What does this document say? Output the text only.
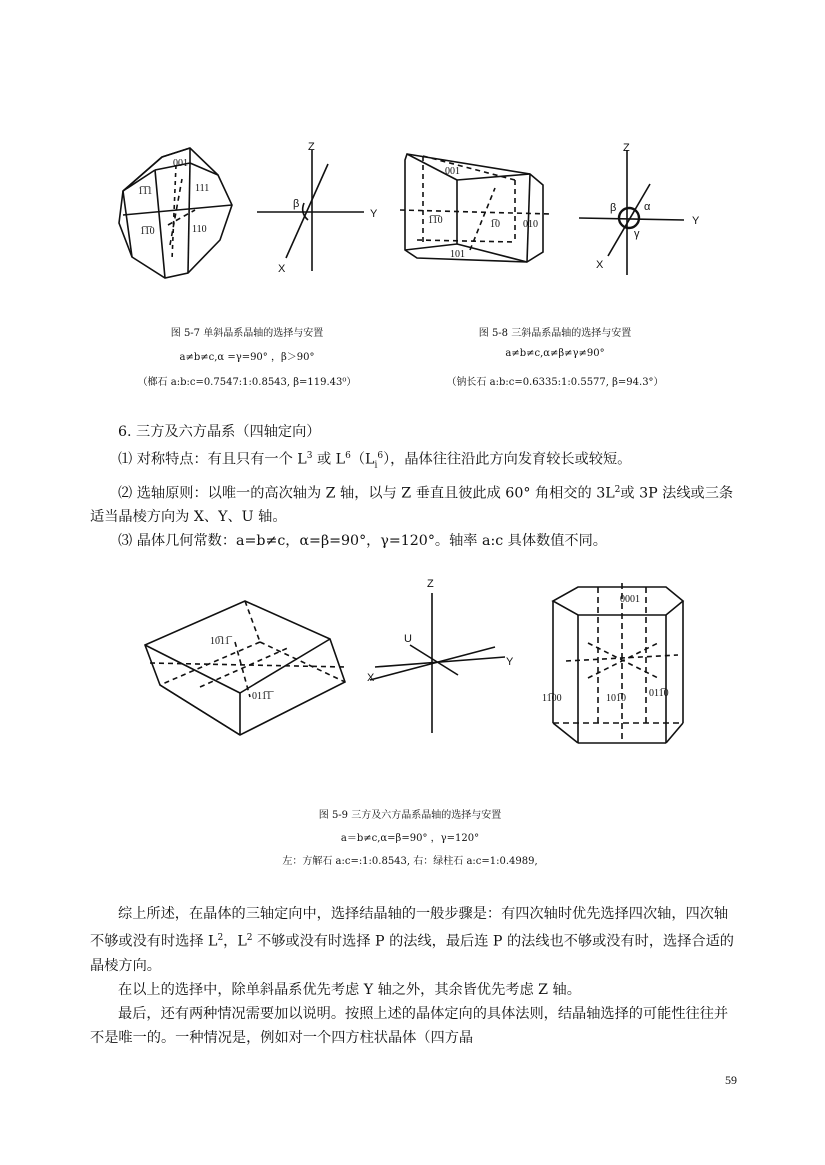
001
1̅1̅1	111
1̅1̅0	110
Z
Y
X
β
001
1̅1̅0	1̅0 010
101
Z
Y
X
β	α
γ
图 5-7 单斜晶系晶轴的选择与安置
a≠b≠c,α =γ=90° ，β＞90°
（榔石 a:b:c=0.7547:1:0.8543, β=119.43⁰）
图 5-8 三斜晶系晶轴的选择与安置
a≠b≠c,α≠β≠γ≠90°
（钠长石 a:b:c=0.6335:1:0.5577, β=94.3°）

6. 三方及六方晶系（四轴定向）

⑴ 对称特点：有且只有一个 $L^3$ 或 $L^6(L_i^6)$，晶体往往沿此方向发育较长或较短。

⑵ 选轴原则：以唯一的高次轴为 Z 轴，以与 Z 垂直且彼此成 60° 角相交的 $3L^2$或 3P 法线或三条适当晶棱方向为 X、Y、U 轴。

⑶ 晶体几何常数：a=b≠c，α=β=90°，γ=120°。轴率 a:c 具体数值不同。

10̅11̅
011̅1̅
Z
Y
X
U
0001
11̅00	101̅0 011̅0
图 5-9 三方及六方晶系晶轴的选择与安置
a＝b≠c,α=β=90° ，γ=120°
左：方解石 a:c=:1:0.8543, 右：绿柱石 a:c=1:0.4989,

综上所述，在晶体的三轴定向中，选择结晶轴的一般步骤是：有四次轴时优先选择四次轴，四次轴不够或没有时选择 $L^2$，$L^2$ 不够或没有时选择 P 的法线，最后连 P 的法线也不够或没有时，选择合适的晶棱方向。

在以上的选择中，除单斜晶系优先考虑 Y 轴之外，其余皆优先考虑 Z 轴。

最后，还有两种情况需要加以说明。按照上述的晶体定向的具体法则，结晶轴选择的可能性往往并不是唯一的。一种情况是，例如对一个四方柱状晶体（四方晶

59
